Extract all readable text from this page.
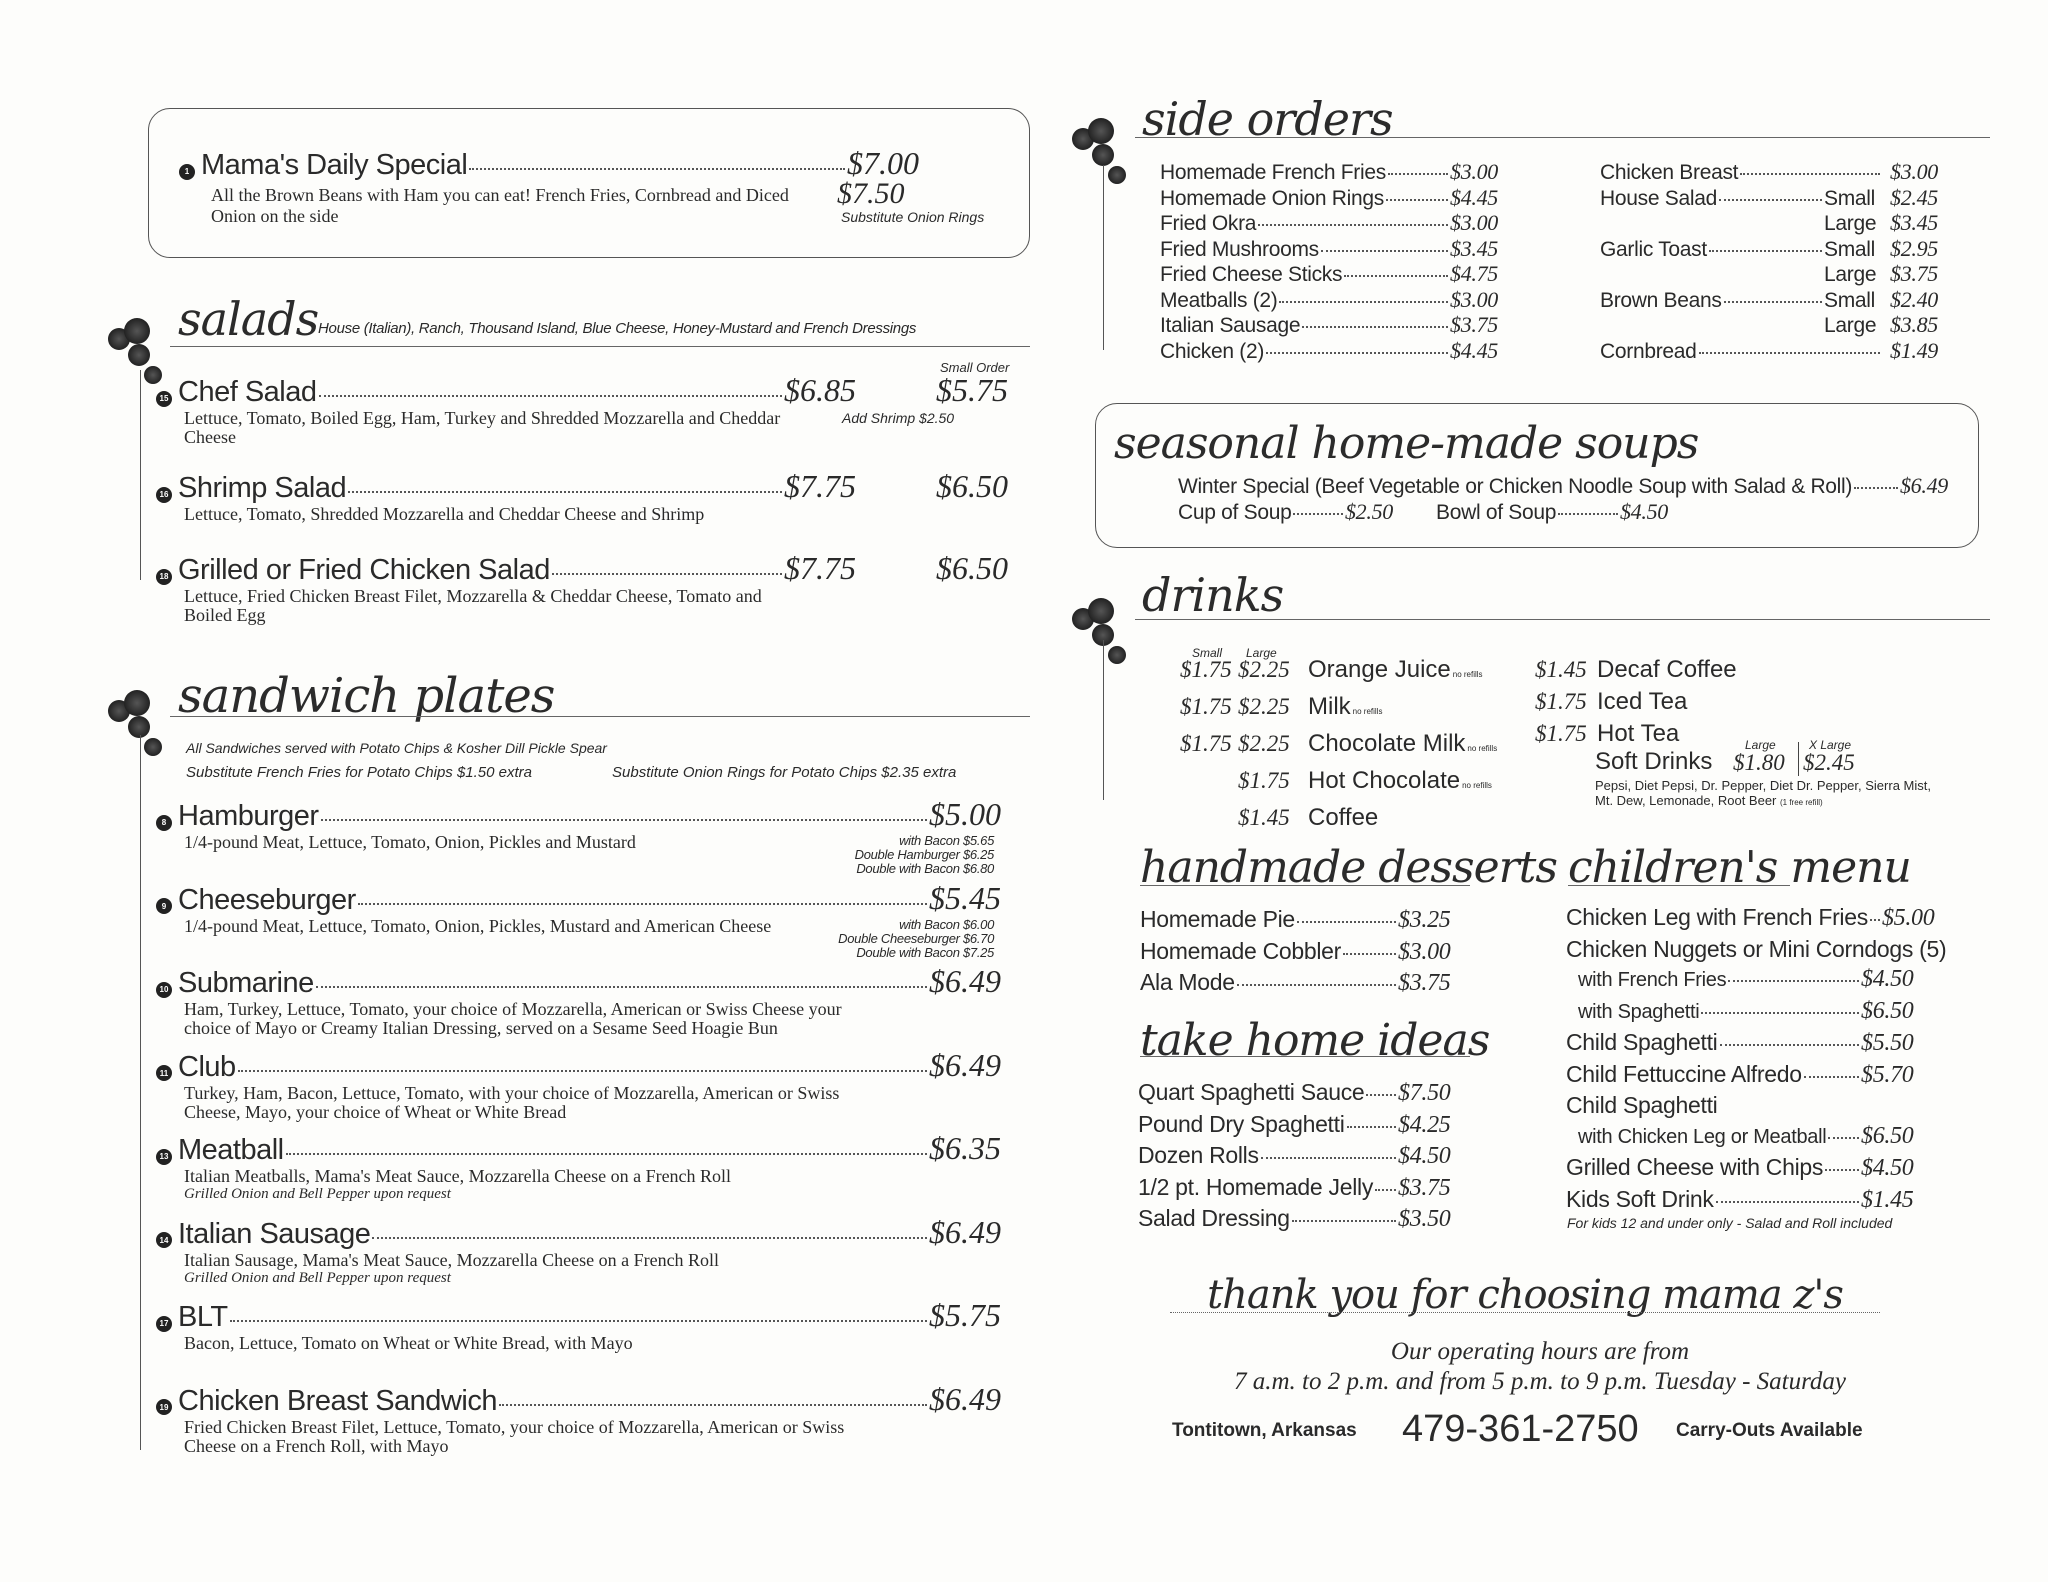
1 Mama's Daily Special	$7.00
All the Brown Beans with Ham you can eat! French Fries, Cornbread and Diced Onion on the side
$7.50
Substitute Onion Rings
salads House (Italian), Ranch, Thousand Island, Blue Cheese, Honey-Mustard and French Dressings
Small Order
15 Chef Salad	$6.85	$5.75
Lettuce, Tomato, Boiled Egg, Ham, Turkey and Shredded Mozzarella and Cheddar Cheese
Add Shrimp $2.50
16 Shrimp Salad	$7.75	$6.50
Lettuce, Tomato, Shredded Mozzarella and Cheddar Cheese and Shrimp
18 Grilled or Fried Chicken Salad	$7.75	$6.50
Lettuce, Fried Chicken Breast Filet, Mozzarella & Cheddar Cheese, Tomato and Boiled Egg
sandwich plates
All Sandwiches served with Potato Chips & Kosher Dill Pickle Spear
Substitute French Fries for Potato Chips $1.50 extra	Substitute Onion Rings for Potato Chips $2.35 extra
8 Hamburger	$5.00
1/4-pound Meat, Lettuce, Tomato, Onion, Pickles and Mustard	with Bacon $5.65
Double Hamburger $6.25
Double with Bacon $6.80
9 Cheeseburger	$5.45
1/4-pound Meat, Lettuce, Tomato, Onion, Pickles, Mustard and American Cheese	with Bacon $6.00
Double Cheeseburger $6.70
Double with Bacon $7.25
10 Submarine	$6.49
Ham, Turkey, Lettuce, Tomato, your choice of Mozzarella, American or Swiss Cheese your choice of Mayo or Creamy Italian Dressing, served on a Sesame Seed Hoagie Bun
11 Club	$6.49
Turkey, Ham, Bacon, Lettuce, Tomato, with your choice of Mozzarella, American or Swiss Cheese, Mayo, your choice of Wheat or White Bread
13 Meatball	$6.35
Italian Meatballs, Mama's Meat Sauce, Mozzarella Cheese on a French Roll
Grilled Onion and Bell Pepper upon request
14 Italian Sausage	$6.49
Italian Sausage, Mama's Meat Sauce, Mozzarella Cheese on a French Roll
Grilled Onion and Bell Pepper upon request
17 BLT	$5.75
Bacon, Lettuce, Tomato on Wheat or White Bread, with Mayo
19 Chicken Breast Sandwich	$6.49
Fried Chicken Breast Filet, Lettuce, Tomato, your choice of Mozzarella, American or Swiss Cheese on a French Roll, with Mayo
side orders
Homemade French Fries	$3.00
Homemade Onion Rings	$4.45
Fried Okra	$3.00
Fried Mushrooms	$3.45
Fried Cheese Sticks	$4.75
Meatballs (2)	$3.00
Italian Sausage	$3.75
Chicken (2)	$4.45
Chicken Breast	$3.00
House Salad	Small $2.45
Large $3.45
Garlic Toast	Small $2.95
Large $3.75
Brown Beans	Small $2.40
Large $3.85
Cornbread	$1.49
seasonal home-made soups
Winter Special (Beef Vegetable or Chicken Noodle Soup with Salad & Roll) $6.49
Cup of Soup $2.50 Bowl of Soup	$4.50
drinks
Small Large
$1.75 $2.25 Orange Juice no refills
$1.75 $2.25 Milk no refills
$1.75 $2.25 Chocolate Milk no refills
$1.75 Hot Chocolate no refills
$1.45 Coffee
$1.45 Decaf Coffee
$1.75 Iced Tea
$1.75 Hot Tea	Large	X Large
Soft Drinks $1.80 $2.45
Pepsi, Diet Pepsi, Dr. Pepper, Diet Dr. Pepper, Sierra Mist,
Mt. Dew, Lemonade, Root Beer (1 free refill)
handmade desserts
Homemade Pie	$3.25
Homemade Cobbler $3.00
Ala Mode	$3.75
take home ideas
Quart Spaghetti Sauce $7.50
Pound Dry Spaghetti $4.25
Dozen Rolls	$4.50
1/2 pt. Homemade Jelly $3.75
Salad Dressing	$3.50
children's menu
Chicken Leg with French Fries $5.00
Chicken Nuggets or Mini Corndogs (5)
with French Fries	$4.50
with Spaghetti	$6.50
Child Spaghetti	$5.50
Child Fettuccine Alfredo $5.70
Child Spaghetti
with Chicken Leg or Meatball $6.50
Grilled Cheese with Chips $4.50
Kids Soft Drink	$1.45
For kids 12 and under only - Salad and Roll included
thank you for choosing mama z's
Our operating hours are from
7 a.m. to 2 p.m. and from 5 p.m. to 9 p.m. Tuesday - Saturday
Tontitown, Arkansas 479-361-2750 Carry-Outs Available
